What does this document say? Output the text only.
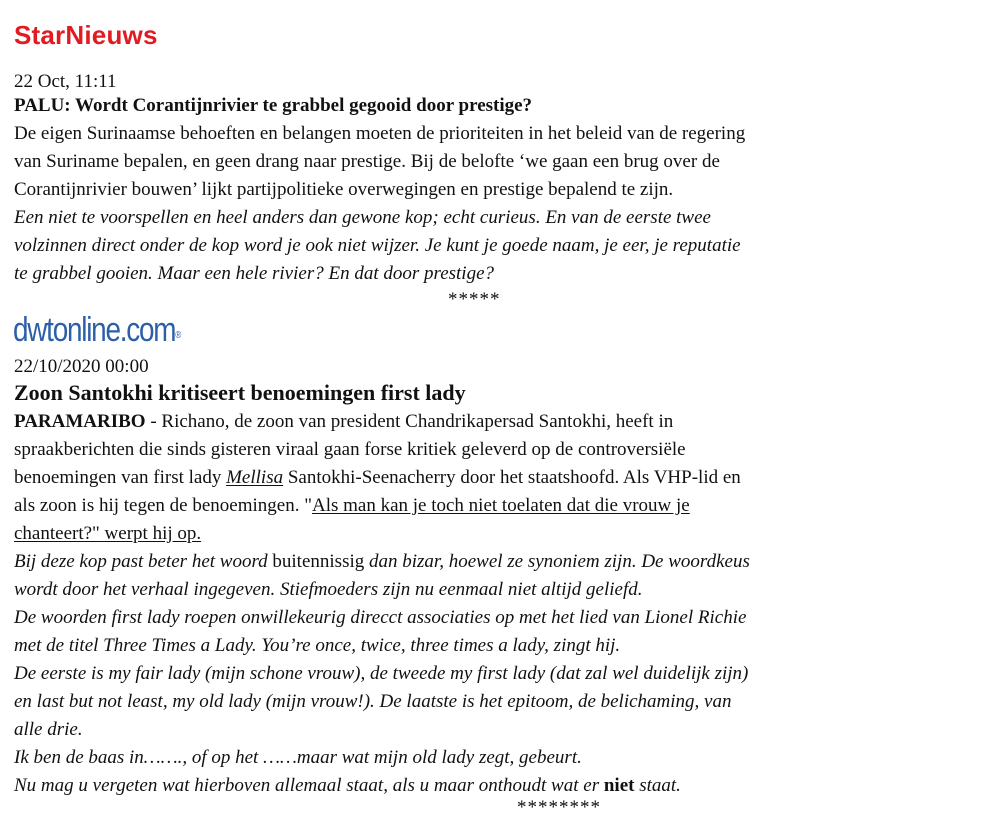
StarNieuws
22 Oct, 11:11
PALU: Wordt Corantijnrivier te grabbel gegooid door prestige?
De eigen Surinaamse behoeften en belangen moeten de prioriteiten in het beleid van de regering
van Suriname bepalen, en geen drang naar prestige. Bij de belofte ‘we gaan een brug over de
Corantijnrivier bouwen’ lijkt partijpolitieke overwegingen en prestige bepalend te zijn.
Een niet te voorspellen en heel anders dan gewone kop; echt curieus. En van de eerste twee
volzinnen direct onder de kop word je ook niet wijzer. Je kunt je goede naam, je eer, je reputatie
te grabbel gooien. Maar een hele rivier? En dat door prestige?
*****
dwtonline.com®
22/10/2020 00:00
Zoon Santokhi kritiseert benoemingen first lady
PARAMARIBO - Richano, de zoon van president Chandrikapersad Santokhi, heeft in
spraakberichten die sinds gisteren viraal gaan forse kritiek geleverd op de controversiële
benoemingen van first lady Mellisa Santokhi-Seenacherry door het staatshoofd. Als VHP-lid en
als zoon is hij tegen de benoemingen. "Als man kan je toch niet toelaten dat die vrouw je
chanteert?" werpt hij op.
Bij deze kop past beter het woord buitennissig dan bizar, hoewel ze synoniem zijn. De woordkeus
wordt door het verhaal ingegeven. Stiefmoeders zijn nu eenmaal niet altijd geliefd.
De woorden first lady roepen onwillekeurig direcct associaties op met het lied van Lionel Richie
met de titel Three Times a Lady. You’re once, twice, three times a lady, zingt hij.
De eerste is my fair lady (mijn schone vrouw), de tweede my first lady (dat zal wel duidelijk zijn)
en last but not least, my old lady (mijn vrouw!). De laatste is het epitoom, de belichaming, van
alle drie.
Ik ben de baas in……., of op het ……maar wat mijn old lady zegt, gebeurt.
Nu mag u vergeten wat hierboven allemaal staat, als u maar onthoudt wat er niet staat.
********
